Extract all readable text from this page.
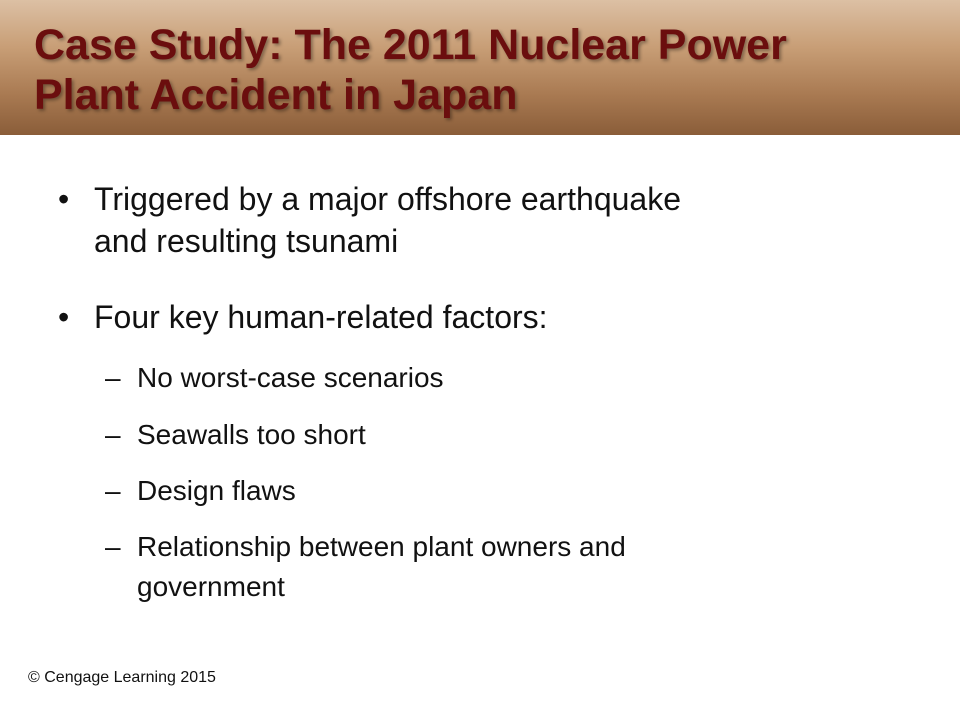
Case Study: The 2011 Nuclear Power
Plant Accident in Japan
• Triggered by a major offshore earthquake
and resulting tsunami
• Four key human-related factors:
– No worst-case scenarios
– Seawalls too short
– Design flaws
– Relationship between plant owners and
government
© Cengage Learning 2015
